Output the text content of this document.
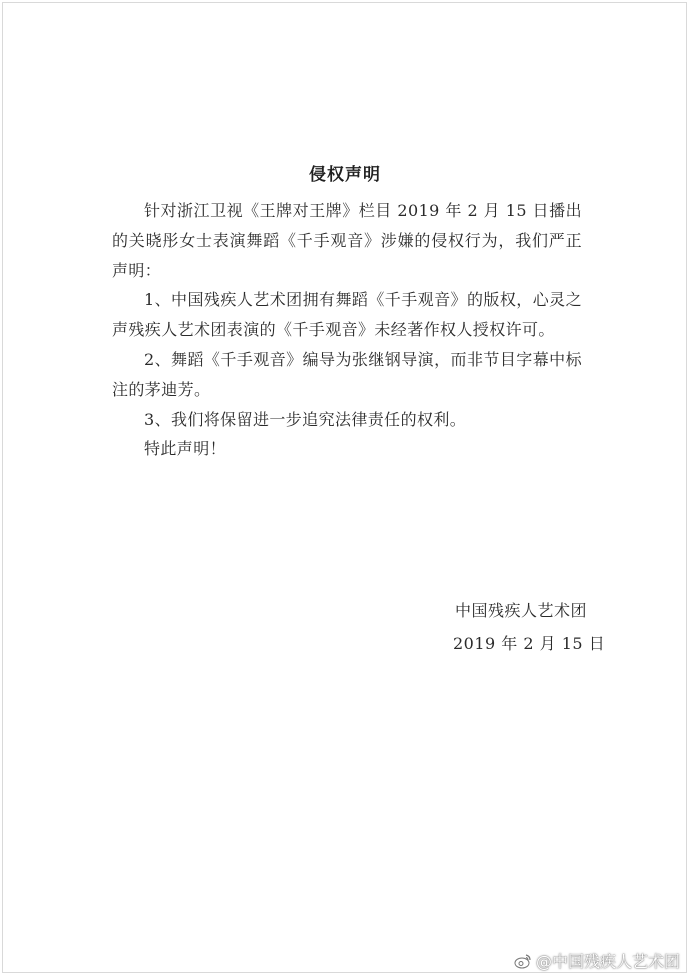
侵权声明

针对浙江卫视《王牌对王牌》栏目 2019 年 2 月 15 日播出的关晓彤女士表演舞蹈《千手观音》涉嫌的侵权行为，我们严正声明：

1、中国残疾人艺术团拥有舞蹈《千手观音》的版权，心灵之声残疾人艺术团表演的《千手观音》未经著作权人授权许可。

2、舞蹈《千手观音》编导为张继钢导演，而非节目字幕中标注的茅迪芳。

3、我们将保留进一步追究法律责任的权利。

特此声明！

中国残疾人艺术团
2019 年 2 月 15 日
@中国残疾人艺术团
